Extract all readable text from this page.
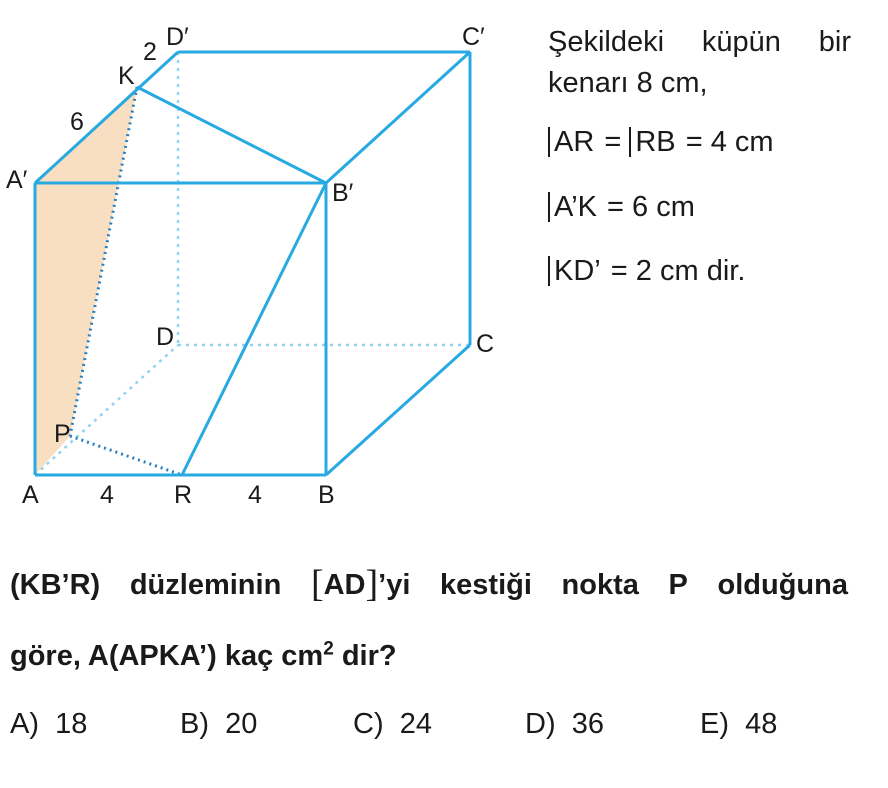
A	R	B
C
D
P
A′	B′
C′
D′
K
4	4
6
2	Şekildeki küpün bir
kenarı 8 cm,
AR = RB = 4 cm
A’K = 6 cm
KD’ = 2 cm dir.
(KB’R) düzleminin [AD]’yi kestiği nokta P olduğuna
göre, A(APKA’) kaç $cm^2$ dir?
A) 18	B) 20	C) 24	D) 36	E) 48
